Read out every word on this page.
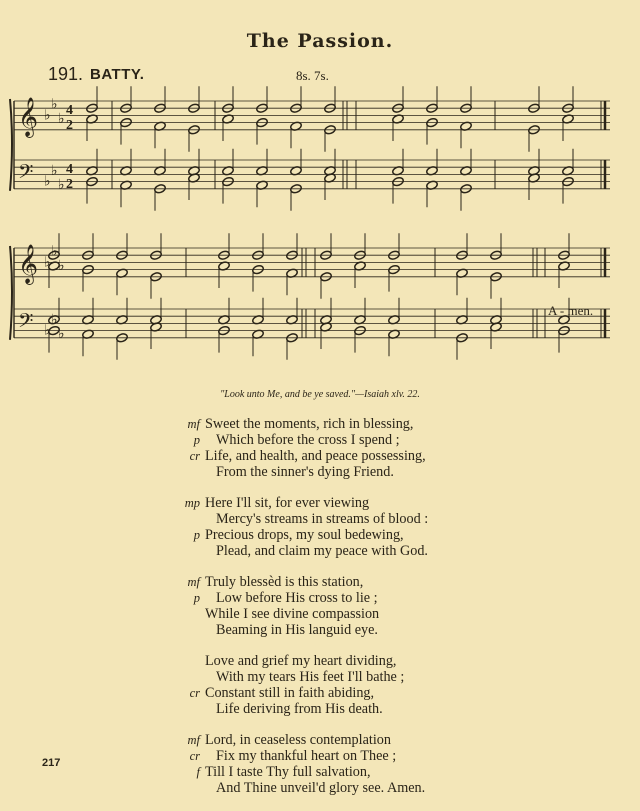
The Passion.
191. BATTY.	8s. 7s.
𝄞 ♭
♭
♭
4
2
𝄢 ♭
♭
♭
4
2
𝄞 ♭
♭
♭
𝄢 ♭
♭
♭
A - men.
"Look unto Me, and be ye saved."—Isaiah xlv. 22.
mf Sweet the moments, rich in blessing,
p Which before the cross I spend ;
cr Life, and health, and peace possessing,
From the sinner's dying Friend.
mp Here I'll sit, for ever viewing
Mercy's streams in streams of blood :
p Precious drops, my soul bedewing,
Plead, and claim my peace with God.
mf Truly blessèd is this station,
p Low before His cross to lie ;
While I see divine compassion
Beaming in His languid eye.
Love and grief my heart dividing,
With my tears His feet I'll bathe ;
cr Constant still in faith abiding,
Life deriving from His death.
mf Lord, in ceaseless contemplation
cr Fix my thankful heart on Thee ;
f Till I taste Thy full salvation,
And Thine unveil'd glory see. Amen.
217
